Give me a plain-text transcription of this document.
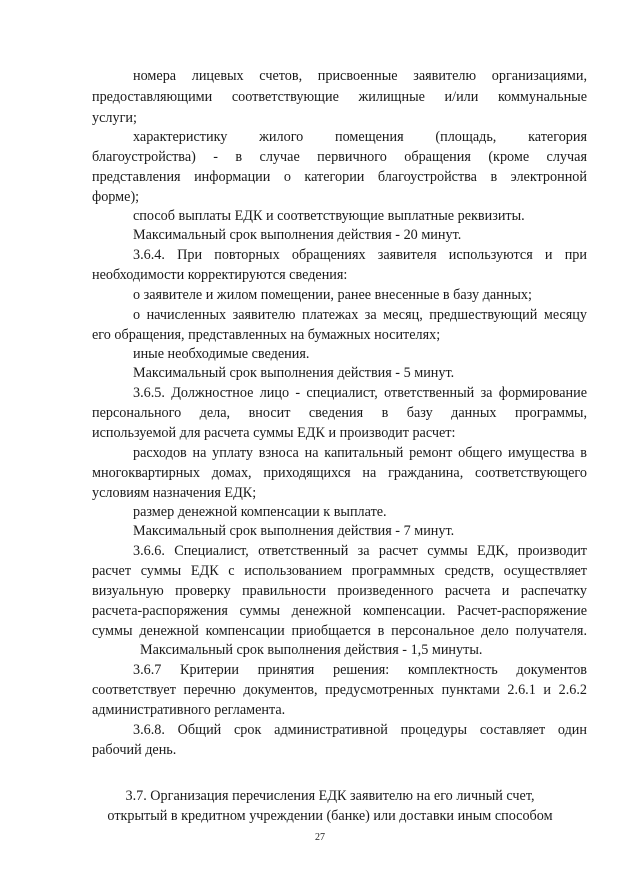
номера лицевых счетов, присвоенные заявителю организациями,
предоставляющими соответствующие жилищные и/или коммунальные
услуги;
характеристику жилого помещения (площадь, категория
благоустройства) - в случае первичного обращения (кроме случая
представления информации о категории благоустройства в электронной
форме);
способ выплаты ЕДК и соответствующие выплатные реквизиты.
Максимальный срок выполнения действия - 20 минут.
3.6.4. При повторных обращениях заявителя используются и при
необходимости корректируются сведения:
о заявителе и жилом помещении, ранее внесенные в базу данных;
о начисленных заявителю платежах за месяц, предшествующий месяцу
его обращения, представленных на бумажных носителях;
иные необходимые сведения.
Максимальный срок выполнения действия - 5 минут.
3.6.5. Должностное лицо - специалист, ответственный за формирование
персонального дела, вносит сведения в базу данных программы,
используемой для расчета суммы ЕДК и производит расчет:
расходов на уплату взноса на капитальный ремонт общего имущества в
многоквартирных домах, приходящихся на гражданина, соответствующего
условиям назначения ЕДК;
размер денежной компенсации к выплате.
Максимальный срок выполнения действия - 7 минут.
3.6.6. Специалист, ответственный за расчет суммы ЕДК, производит
расчет суммы ЕДК с использованием программных средств, осуществляет
визуальную проверку правильности произведенного расчета и распечатку
расчета-распоряжения суммы денежной компенсации. Расчет-распоряжение
суммы денежной компенсации приобщается в персональное дело получателя.
Максимальный срок выполнения действия - 1,5 минуты.
3.6.7 Критерии принятия решения: комплектность документов
соответствует перечню документов, предусмотренных пунктами 2.6.1 и 2.6.2
административного регламента.
3.6.8. Общий срок административной процедуры составляет один
рабочий день.
3.7. Организация перечисления ЕДК заявителю на его личный счет,
открытый в кредитном учреждении (банке) или доставки иным способом
27
